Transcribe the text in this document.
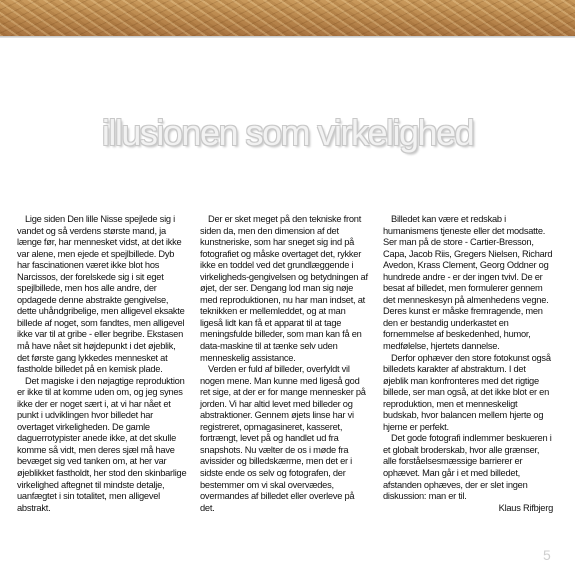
illusionen som virkelighed

Lige siden Den lille Nisse spejlede sig i vandet og så verdens største mand, ja længe før, har mennesket vidst, at det ikke var alene, men ejede et spejlbillede. Dyb har fascinationen været ikke blot hos Narcissos, der forelskede sig i sit eget spejlbillede, men hos alle andre, der opdagede denne abstrakte gengivelse, dette uhåndgribelige, men alligevel eksakte billede af noget, som fandtes, men alligevel ikke var til at gribe - eller begribe. Ekstasen må have nået sit højdepunkt i det øjeblik, det første gang lykkedes mennesket at fastholde billedet på en kemisk plade.

Det magiske i den nøjagtige reproduktion er ikke til at komme uden om, og jeg synes ikke der er noget sært i, at vi har nået et punkt i udviklingen hvor billedet har overtaget virkeligheden. De gamle daguerrotypister anede ikke, at det skulle komme så vidt, men deres sjæl må have bevæget sig ved tanken om, at her var øjeblikket fastholdt, her stod den skinbarlige virkelighed aftegnet til mindste detalje, uanfægtet i sin totalitet, men alligevel abstrakt.

Der er sket meget på den tekniske front siden da, men den dimension af det kunstneriske, som har sneget sig ind på fotografiet og måske overtaget det, rykker ikke en toddel ved det grundlæggende i virkeligheds-gengivelsen og betydningen af øjet, der ser. Dengang lod man sig nøje med reproduktionen, nu har man indset, at teknikken er mellemleddet, og at man ligeså lidt kan få et apparat til at tage meningsfulde billeder, som man kan få en data-maskine til at tænke selv uden menneskelig assistance.

Verden er fuld af billeder, overfyldt vil nogen mene. Man kunne med ligeså god ret sige, at der er for mange mennesker på jorden. Vi har altid levet med billeder og abstraktioner. Gennem øjets linse har vi registreret, opmagasineret, kasseret, fortrængt, levet på og handlet ud fra snapshots. Nu vælter de os i møde fra avissider og billedskærme, men det er i sidste ende os selv og fotografen, der bestemmer om vi skal overvædes, overmandes af billedet eller overleve på det.

Billedet kan være et redskab i humanismens tjeneste eller det modsatte. Ser man på de store - Cartier-Bresson, Capa, Jacob Riis, Gregers Nielsen, Richard Avedon, Krass Clement, Georg Oddner og hundrede andre - er der ingen tvivl. De er besat af billedet, men formulerer gennem det menneskesyn på almenhedens vegne. Deres kunst er måske fremragende, men den er bestandig underkastet en fornemmelse af beskedenhed, humor, medfølelse, hjertets dannelse.

Derfor ophæver den store fotokunst også billedets karakter af abstraktum. I det øjeblik man konfronteres med det rigtige billede, ser man også, at det ikke blot er en reproduktion, men et menneskeligt budskab, hvor balancen mellem hjerte og hjerne er perfekt.

Det gode fotografi indlemmer beskueren i et globalt broderskab, hvor alle grænser, alle forståelsesmæssige barrierer er ophævet. Man går i et med billedet, afstanden ophæves, der er slet ingen diskussion: man er til.

Klaus Rifbjerg
5
